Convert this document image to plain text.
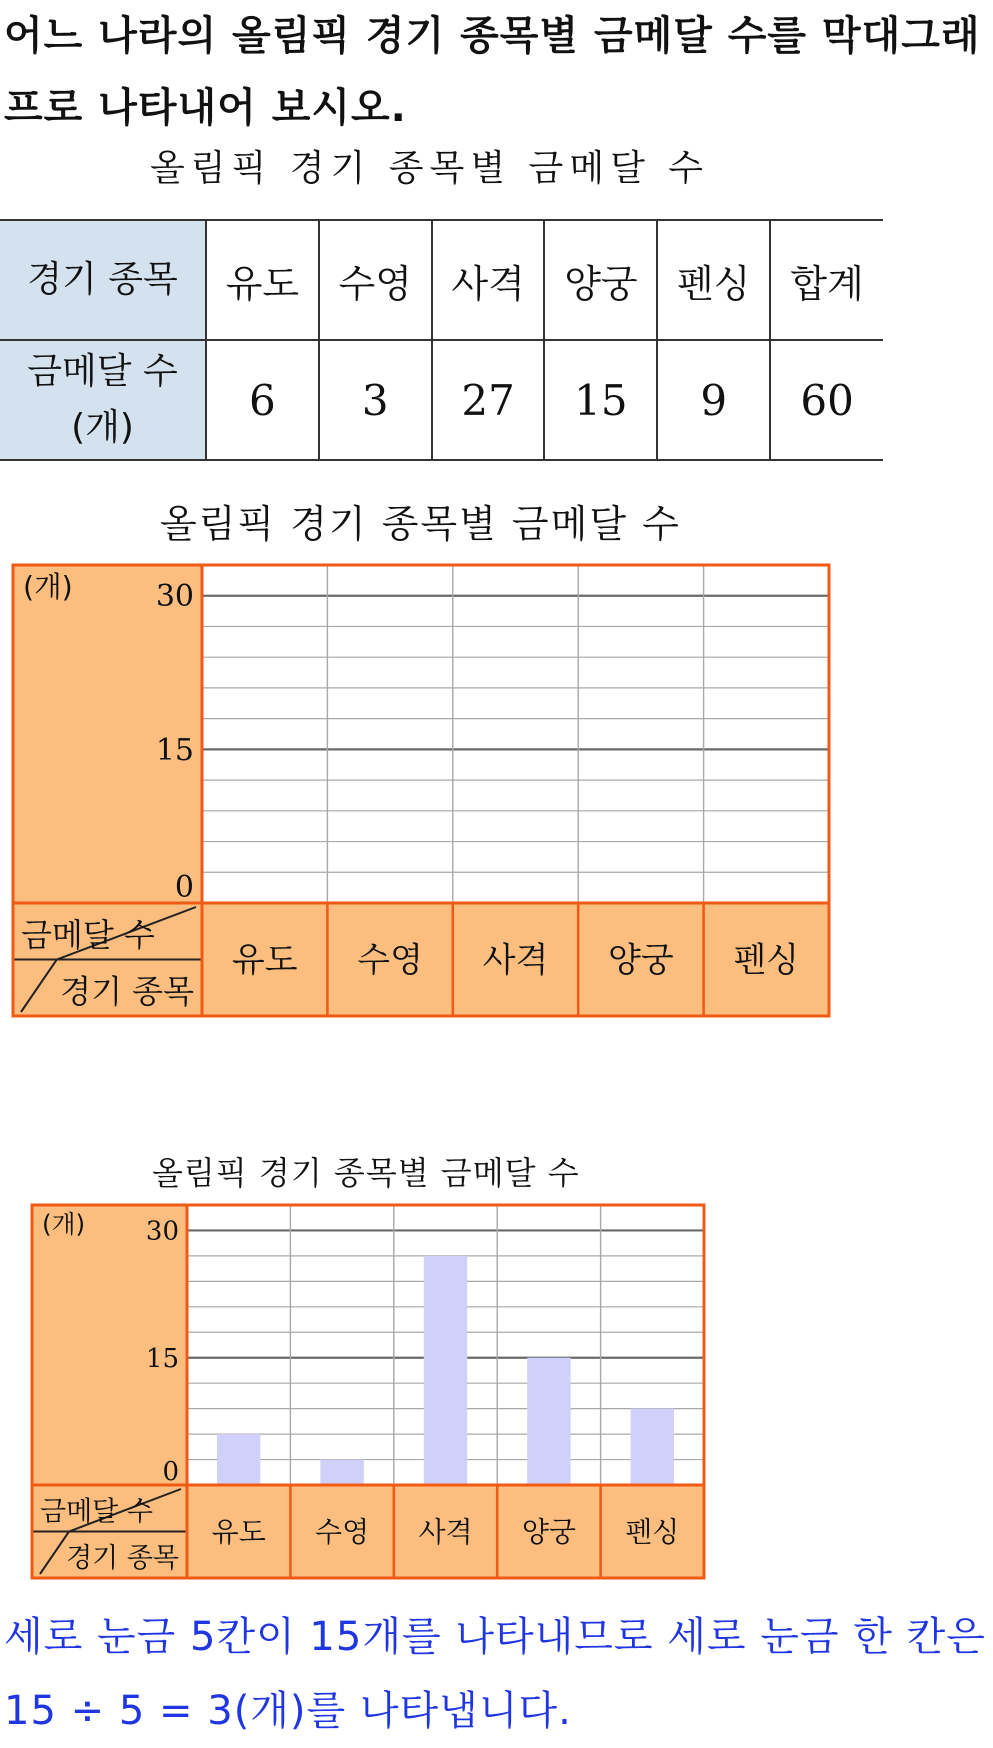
어느 나라의 올림픽 경기 종목별 금메달 수를 막대그래프로 나타내어 보시오.
올림픽 경기 종목별 금메달 수
경기 종목	유도	수영	사격	양궁	펜싱	합계
금메달 수(개)	6	3	27	15	9	60
올림픽 경기 종목별 금메달 수
유도 수영 사격 양궁 펜싱
0
15
30
(개)
금메달 수
경기 종목
올림픽 경기 종목별 금메달 수
유도 수영 사격 양궁 펜싱
0
15
30
(개)
금메달 수
경기 종목
세로 눈금 5칸이 15개를 나타내므로 세로 눈금 한 칸은 15 ÷ 5 = 3(개)를 나타냅니다.
